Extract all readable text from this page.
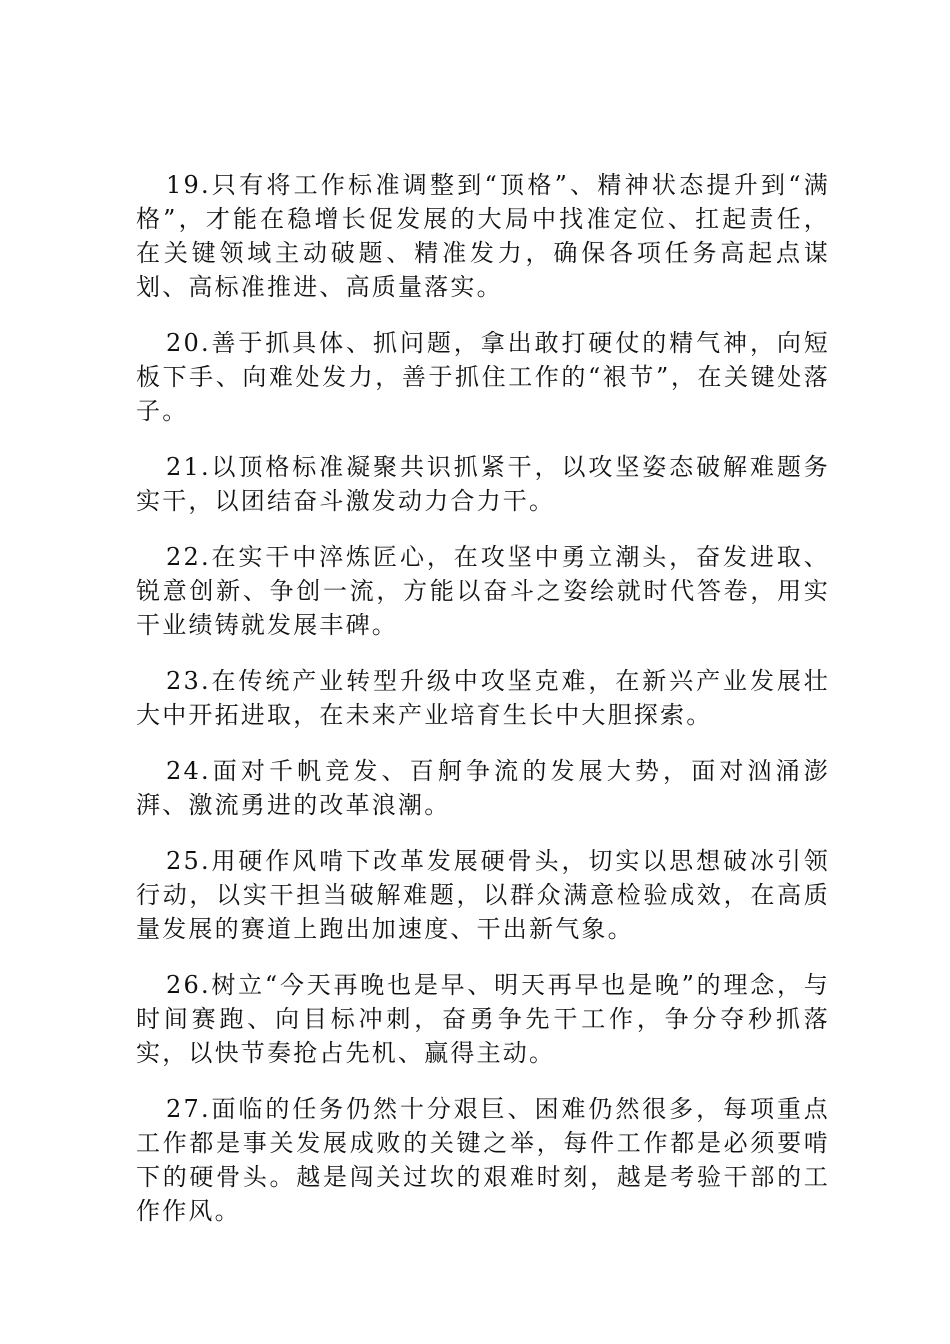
19.只有将工作标准调整到“顶格”、精神状态提升到“满格”，才能在稳增长促发展的大局中找准定位、扛起责任，在关键领域主动破题、精准发力，确保各项任务高起点谋划、高标准推进、高质量落实。

20.善于抓具体、抓问题，拿出敢打硬仗的精气神，向短板下手、向难处发力，善于抓住工作的“裉节”，在关键处落子。

21.以顶格标准凝聚共识抓紧干，以攻坚姿态破解难题务实干，以团结奋斗激发动力合力干。

22.在实干中淬炼匠心，在攻坚中勇立潮头，奋发进取、锐意创新、争创一流，方能以奋斗之姿绘就时代答卷，用实干业绩铸就发展丰碑。

23.在传统产业转型升级中攻坚克难，在新兴产业发展壮大中开拓进取，在未来产业培育生长中大胆探索。

24.面对千帆竞发、百舸争流的发展大势，面对汹涌澎湃、激流勇进的改革浪潮。

25.用硬作风啃下改革发展硬骨头，切实以思想破冰引领行动，以实干担当破解难题，以群众满意检验成效，在高质量发展的赛道上跑出加速度、干出新气象。

26.树立“今天再晚也是早、明天再早也是晚”的理念，与时间赛跑、向目标冲刺，奋勇争先干工作，争分夺秒抓落实，以快节奏抢占先机、赢得主动。

27.面临的任务仍然十分艰巨、困难仍然很多，每项重点工作都是事关发展成败的关键之举，每件工作都是必须要啃下的硬骨头。越是闯关过坎的艰难时刻，越是考验干部的工作作风。
